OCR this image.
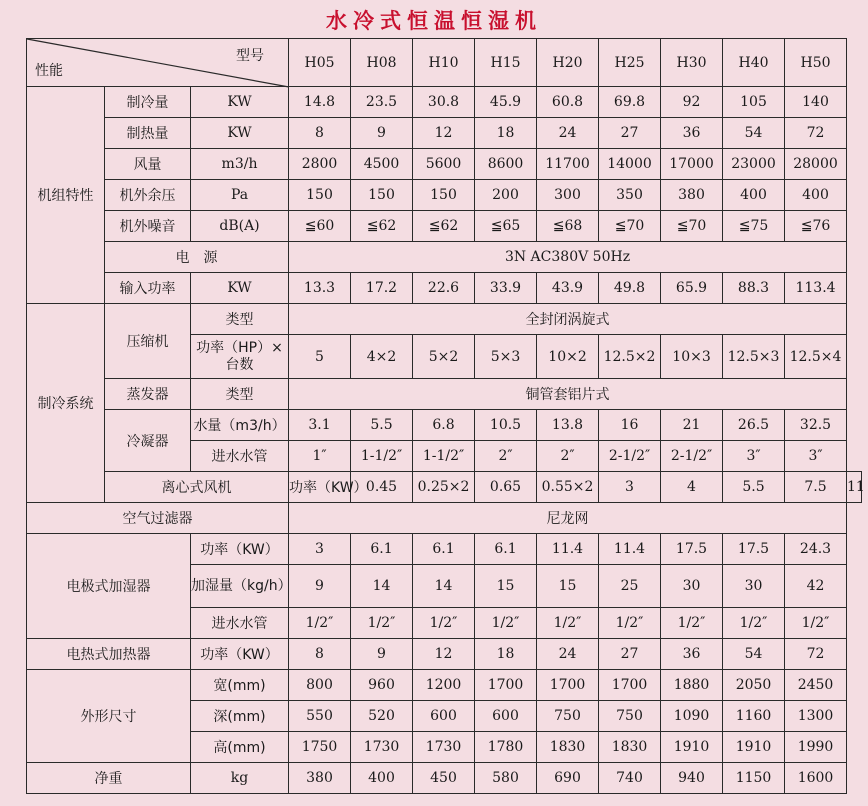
水冷式恒温恒湿机
性能
型号			H05	H08	H10	H15	H20	H25	H30	H40	H50	
机组特性	制冷量	KW	14.8	23.5	30.8	45.9	60.8	69.8	92	105	140	
	制热量	KW	8	9	12	18	24	27	36	54	72	
	风量	m3/h	2800	4500	5600	8600	11700	14000	17000	23000	28000	
	机外余压	Pa	150	150	150	200	300	350	380	400	400	
	机外噪音	dB(A)	≦60	≦62	≦62	≦65	≦68	≦70	≦70	≦75	≦76	
	电　源		3N AC380V 50Hz									
	输入功率	KW	13.3	17.2	22.6	33.9	43.9	49.8	65.9	88.3	113.4	
制冷系统	压缩机	类型	全封闭涡旋式									
		功率（HP）×台数	5	4×2	5×2	5×3	10×2	12.5×2	10×3	12.5×3	12.5×4	
	蒸发器	类型	铜管套铝片式									
	冷凝器	水量（m3/h）	3.1	5.5	6.8	10.5	13.8	16	21	26.5	32.5	
		进水水管	1″	1-1/2″	1-1/2″	2″	2″	2-1/2″	2-1/2″	3″	3″	
	离心式风机		功率（KW）	0.45	0.25×2	0.65	0.55×2	3	4	5.5	7.5	11
空气过滤器			尼龙网									
电极式加湿器		功率（KW）	3	6.1	6.1	6.1	11.4	11.4	17.5	17.5	24.3	
		加湿量（kg/h）	9	14	14	15	15	25	30	30	42	
		进水水管	1/2″	1/2″	1/2″	1/2″	1/2″	1/2″	1/2″	1/2″	1/2″	
电热式加热器		功率（KW）	8	9	12	18	24	27	36	54	72	
外形尺寸		宽(mm)	800	960	1200	1700	1700	1700	1880	2050	2450	
		深(mm)	550	520	600	600	750	750	1090	1160	1300	
		高(mm)	1750	1730	1730	1780	1830	1830	1910	1910	1990	
净重		kg	380	400	450	580	690	740	940	1150	1600	
